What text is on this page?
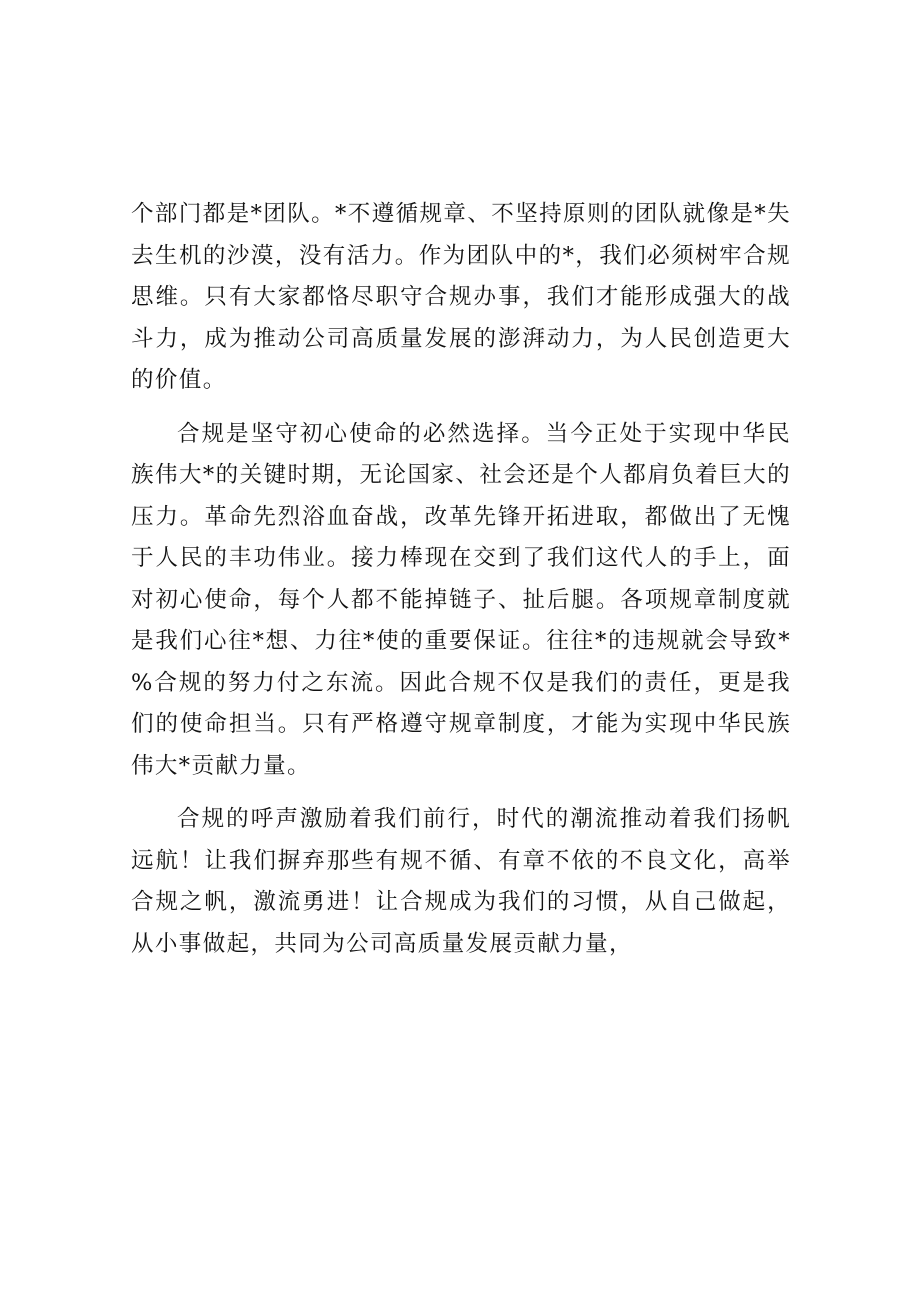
个部门都是*团队。*不遵循规章、不坚持原则的团队就像是*失去生机的沙漠，没有活力。作为团队中的*，我们必须树牢合规思维。只有大家都恪尽职守合规办事，我们才能形成强大的战斗力，成为推动公司高质量发展的澎湃动力，为人民创造更大的价值。

合规是坚守初心使命的必然选择。当今正处于实现中华民族伟大*的关键时期，无论国家、社会还是个人都肩负着巨大的压力。革命先烈浴血奋战，改革先锋开拓进取，都做出了无愧于人民的丰功伟业。接力棒现在交到了我们这代人的手上，面对初心使命，每个人都不能掉链子、扯后腿。各项规章制度就是我们心往*想、力往*使的重要保证。往往*的违规就会导致*%合规的努力付之东流。因此合规不仅是我们的责任，更是我们的使命担当。只有严格遵守规章制度，才能为实现中华民族伟大*贡献力量。

合规的呼声激励着我们前行，时代的潮流推动着我们扬帆远航！让我们摒弃那些有规不循、有章不依的不良文化，高举合规之帆，激流勇进！让合规成为我们的习惯，从自己做起，从小事做起，共同为公司高质量发展贡献力量，
